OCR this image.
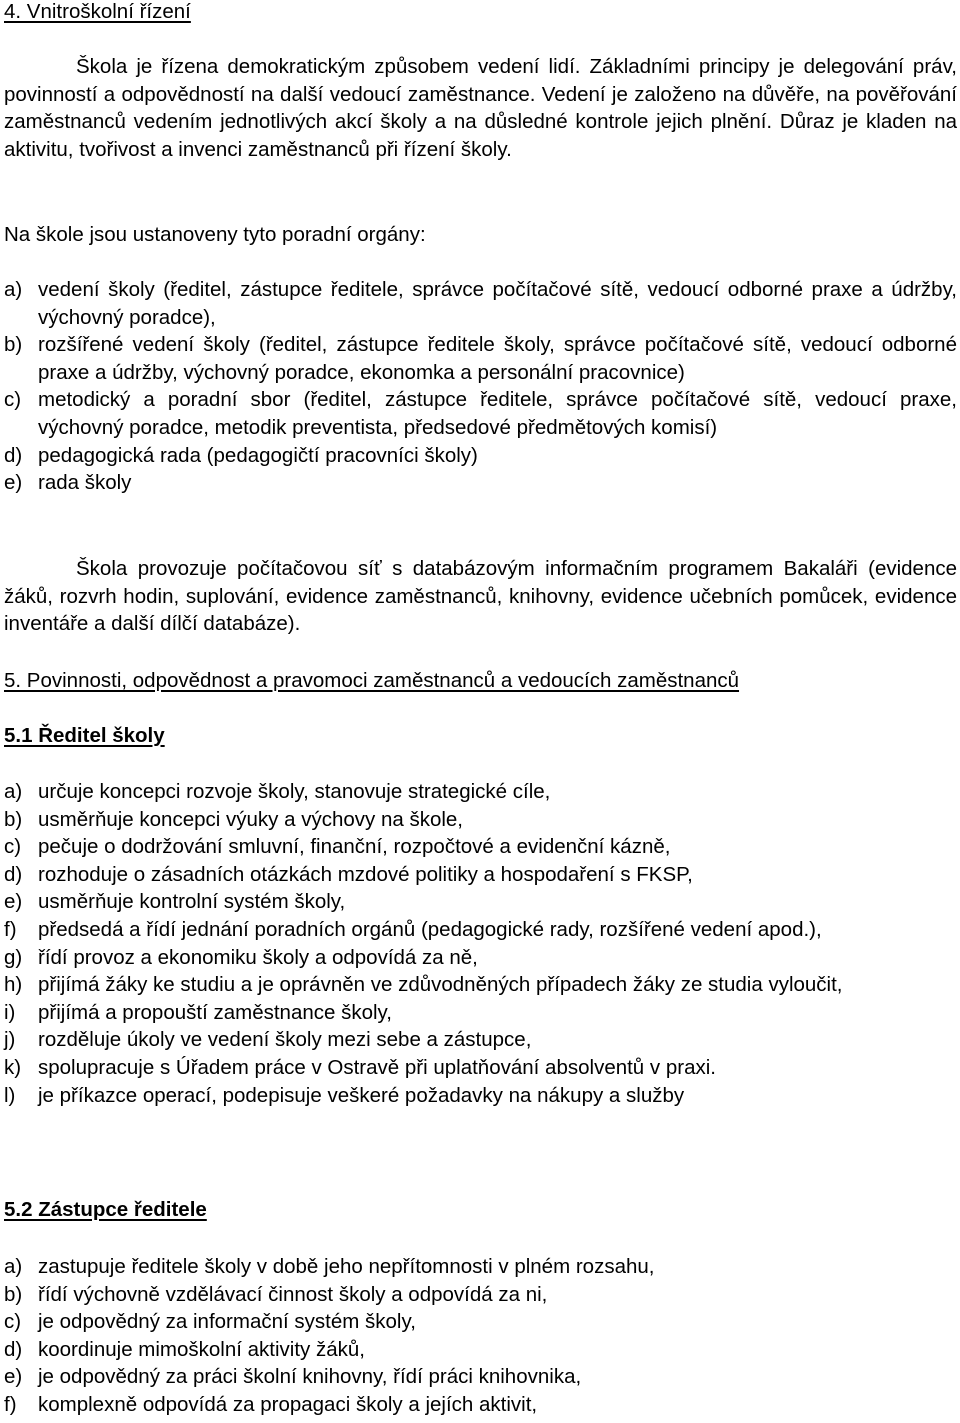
4. Vnitroškolní řízení
Škola je řízena demokratickým způsobem vedení lidí. Základními principy je delegování práv, povinností a odpovědností na další vedoucí zaměstnance. Vedení je založeno na důvěře, na pověřování zaměstnanců vedením jednotlivých akcí školy a na důsledné kontrole jejich plnění. Důraz je kladen na aktivitu, tvořivost a invenci zaměstnanců při řízení školy.
Na škole jsou ustanoveny tyto poradní orgány:
a) vedení školy (ředitel, zástupce ředitele, správce počítačové sítě, vedoucí odborné praxe a údržby, výchovný poradce),
b) rozšířené vedení školy (ředitel, zástupce ředitele školy, správce počítačové sítě, vedoucí odborné praxe a údržby, výchovný poradce, ekonomka a personální pracovnice)
c) metodický a poradní sbor (ředitel, zástupce ředitele, správce počítačové sítě, vedoucí praxe, výchovný poradce, metodik preventista, předsedové předmětových komisí)
d) pedagogická rada (pedagogičtí pracovníci školy)
e) rada školy
Škola provozuje počítačovou síť s databázovým informačním programem Bakaláři (evidence žáků, rozvrh hodin, suplování, evidence zaměstnanců, knihovny, evidence učebních pomůcek, evidence inventáře a další dílčí databáze).
5. Povinnosti, odpovědnost a pravomoci zaměstnanců a vedoucích zaměstnanců
5.1 Ředitel školy
a) určuje koncepci rozvoje školy, stanovuje strategické cíle,
b) usměrňuje koncepci výuky a výchovy na škole,
c) pečuje o dodržování smluvní, finanční, rozpočtové a evidenční kázně,
d) rozhoduje o zásadních otázkách mzdové politiky a hospodaření s FKSP,
e) usměrňuje kontrolní systém školy,
f) předsedá a řídí jednání poradních orgánů (pedagogické rady, rozšířené vedení apod.),
g) řídí provoz a ekonomiku školy a odpovídá za ně,
h) přijímá žáky ke studiu a je oprávněn ve zdůvodněných případech žáky ze studia vyloučit,
i) přijímá a propouští zaměstnance školy,
j) rozděluje úkoly ve vedení školy mezi sebe a zástupce,
k) spolupracuje s Úřadem práce v Ostravě při uplatňování absolventů v praxi.
l) je příkazce operací, podepisuje veškeré požadavky na nákupy a služby
5.2 Zástupce ředitele
a) zastupuje ředitele školy v době jeho nepřítomnosti v plném rozsahu,
b) řídí výchovně vzdělávací činnost školy a odpovídá za ni,
c) je odpovědný za informační systém školy,
d) koordinuje mimoškolní aktivity žáků,
e) je odpovědný za práci školní knihovny, řídí práci knihovnika,
f) komplexně odpovídá za propagaci školy a jejích aktivit,
